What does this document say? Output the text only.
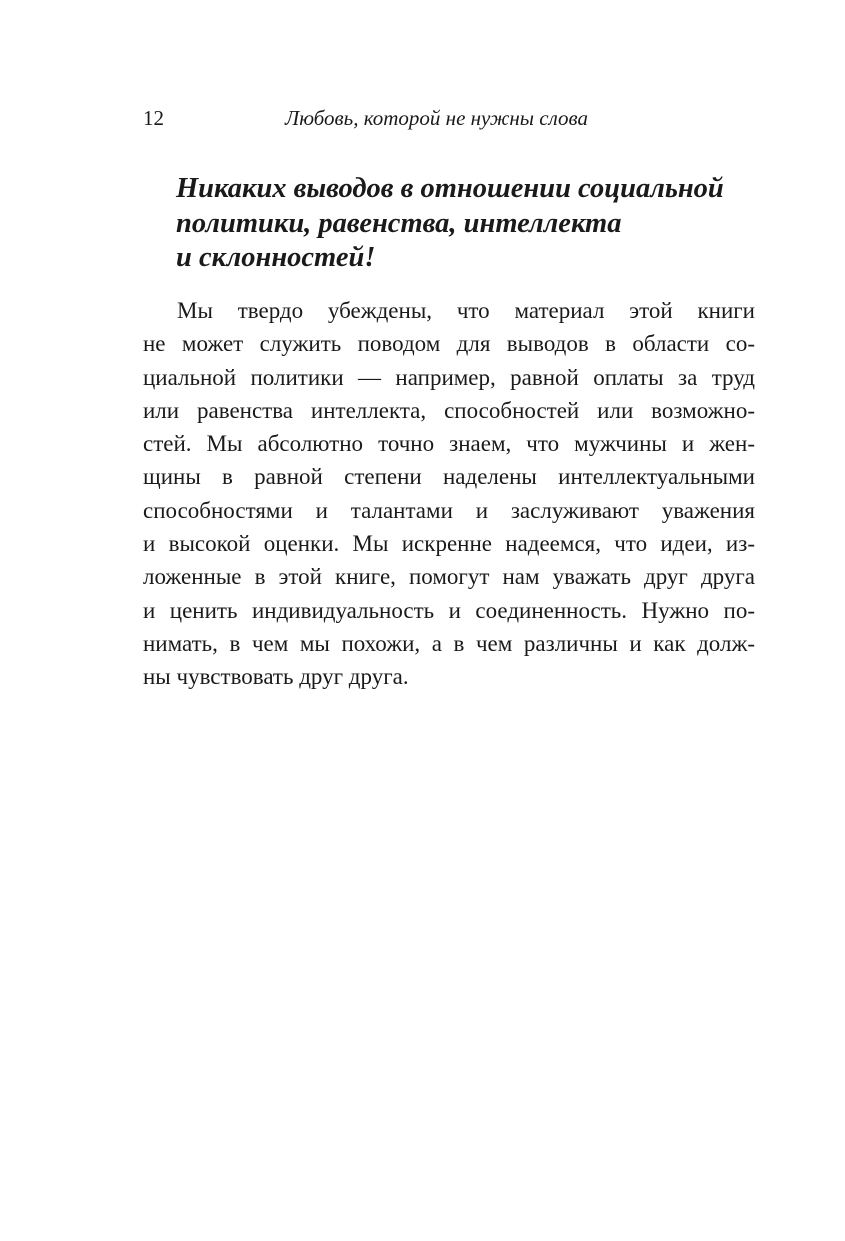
12	Любовь, которой не нужны слова
Никаких выводов в отношении социальной
политики, равенства, интеллекта
и склонностей!
Мы твердо убеждены, что материал этой книги
не может служить поводом для выводов в области со-
циальной политики — например, равной оплаты за труд
или равенства интеллекта, способностей или возможно-
стей. Мы абсолютно точно знаем, что мужчины и жен-
щины в равной степени наделены интеллектуальными
способностями и талантами и заслуживают уважения
и высокой оценки. Мы искренне надеемся, что идеи, из-
ложенные в этой книге, помогут нам уважать друг друга
и ценить индивидуальность и соединенность. Нужно по-
нимать, в чем мы похожи, а в чем различны и как долж-
ны чувствовать друг друга.
